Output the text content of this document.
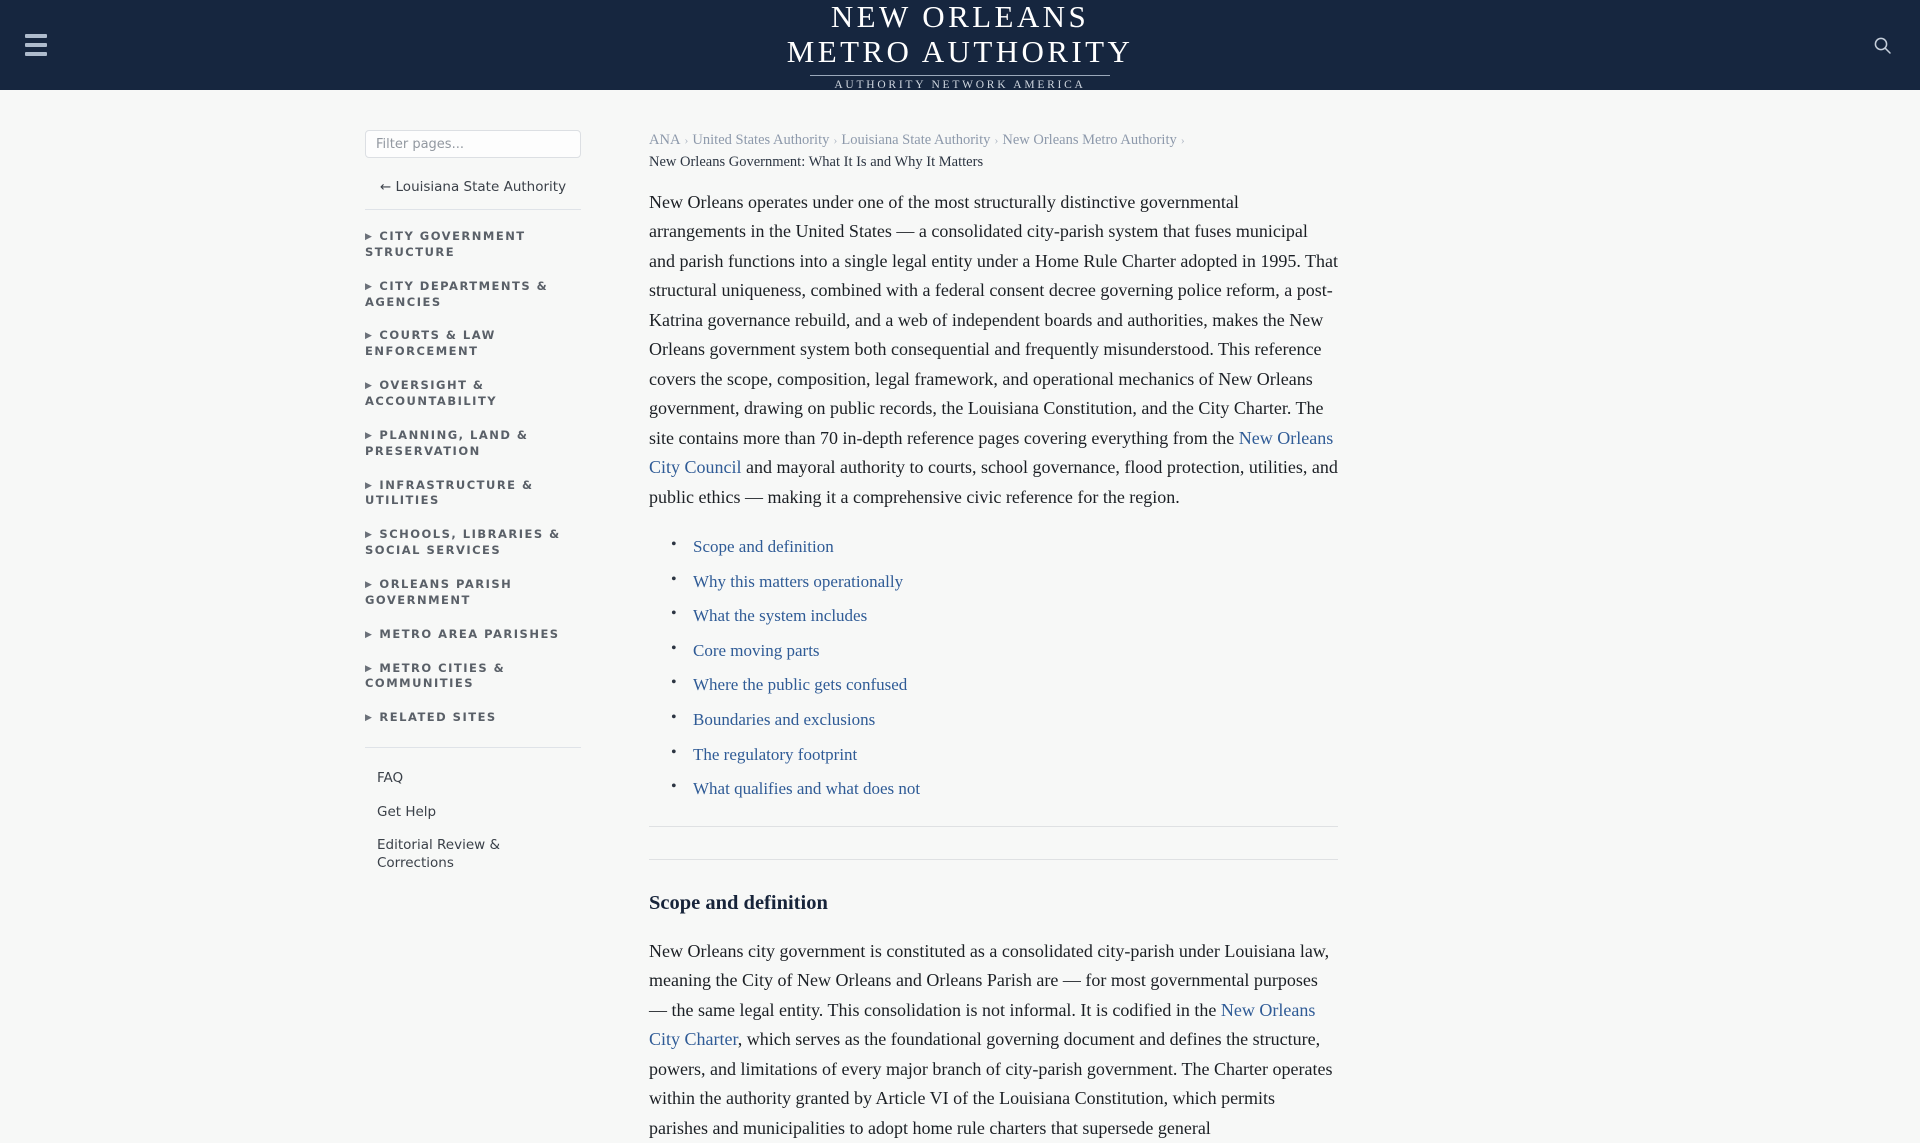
NEW ORLEANS
METRO AUTHORITY
AUTHORITY NETWORK AMERICA
Filter pages...
← Louisiana State Authority
▶ CITY GOVERNMENT STRUCTURE
▶ CITY DEPARTMENTS & AGENCIES
▶ COURTS & LAW ENFORCEMENT
▶ OVERSIGHT & ACCOUNTABILITY
▶ PLANNING, LAND & PRESERVATION
▶ INFRASTRUCTURE & UTILITIES
▶ SCHOOLS, LIBRARIES & SOCIAL SERVICES
▶ ORLEANS PARISH GOVERNMENT
▶ METRO AREA PARISHES
▶ METRO CITIES & COMMUNITIES
▶ RELATED SITES
FAQ
Get Help
Editorial Review & Corrections
ANA › United States Authority › Louisiana State Authority › New Orleans Metro Authority ›
New Orleans Government: What It Is and Why It Matters

New Orleans operates under one of the most structurally distinctive governmental arrangements in the United States — a consolidated city-parish system that fuses municipal and parish functions into a single legal entity under a Home Rule Charter adopted in 1995. That structural uniqueness, combined with a federal consent decree governing police reform, a post-Katrina governance rebuild, and a web of independent boards and authorities, makes the New Orleans government system both consequential and frequently misunderstood. This reference covers the scope, composition, legal framework, and operational mechanics of New Orleans government, drawing on public records, the Louisiana Constitution, and the City Charter. The site contains more than 70 in-depth reference pages covering everything from the New Orleans City Council and mayoral authority to courts, school governance, flood protection, utilities, and public ethics — making it a comprehensive civic reference for the region.

• Scope and definition
• Why this matters operationally
• What the system includes
• Core moving parts
• Where the public gets confused
• Boundaries and exclusions
• The regulatory footprint
• What qualifies and what does not
Scope and definition

New Orleans city government is constituted as a consolidated city-parish under Louisiana law, meaning the City of New Orleans and Orleans Parish are — for most governmental purposes — the same legal entity. This consolidation is not informal. It is codified in the New Orleans City Charter, which serves as the foundational governing document and defines the structure, powers, and limitations of every major branch of city-parish government. The Charter operates within the authority granted by Article VI of the Louisiana Constitution, which permits parishes and municipalities to adopt home rule charters that supersede general
